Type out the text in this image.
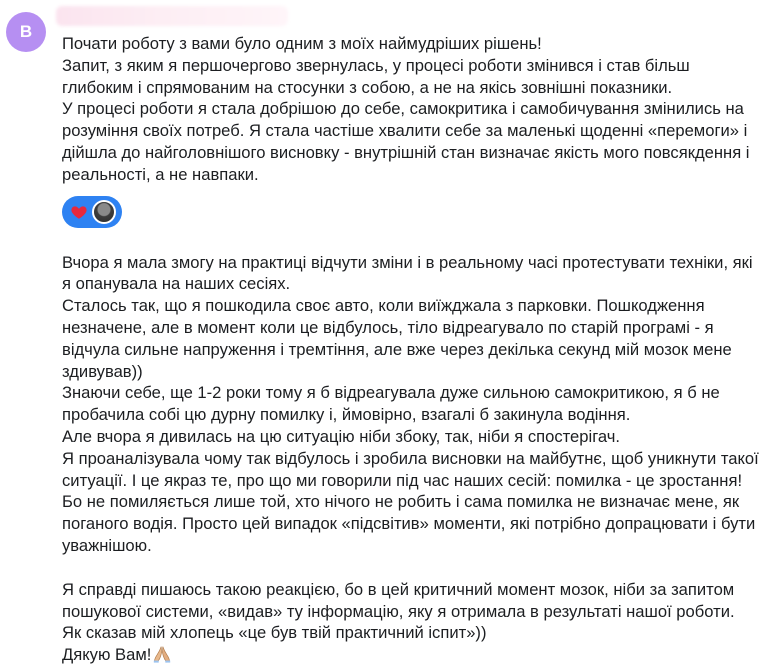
B

Почати роботу з вами було одним з моїх наймудріших рішень!
Запит, з яким я першочергово звернулась, у процесі роботи змінився і став більш глибоким і спрямованим на стосунки з собою, а не на якісь зовнішні показники.
У процесі роботи я стала добрішою до себе, самокритика і самобичування змінились на розуміння своїх потреб. Я стала частіше хвалити себе за маленькі щоденні «перемоги» і дійшла до найголовнішого висновку - внутрішній стан визначає якість мого повсякдення і реальності, а не навпаки.

Вчора я мала змогу на практиці відчути зміни і в реальному часі протестувати техніки, які я опанувала на наших сесіях.
Сталось так, що я пошкодила своє авто, коли виїжджала з парковки. Пошкодження незначене, але в момент коли це відбулось, тіло відреагувало по старій програмі - я відчула сильне напруження і тремтіння, але вже через декілька секунд мій мозок мене здивував))
Знаючи себе, ще 1-2 роки тому я б відреагувала дуже сильною самокритикою, я б не пробачила собі цю дурну помилку і, ймовірно, взагалі б закинула водіння.
Але вчора я дивилась на цю ситуацію ніби збоку, так, ніби я спостерігач.
Я проаналізувала чому так відбулось і зробила висновки на майбутнє, щоб уникнути такої ситуації. І це якраз те, про що ми говорили під час наших сесій: помилка - це зростання! Бо не помиляється лише той, хто нічого не робить і сама помилка не визначає мене, як поганого водія. Просто цей випадок «підсвітив» моменти, які потрібно допрацювати і бути уважнішою.

Я справді пишаюсь такою реакцією, бо в цей критичний момент мозок, ніби за запитом пошукової системи, «видав» ту інформацію, яку я отримала в результаті нашої роботи.
Як сказав мій хлопець «це був твій практичний іспит»))
Дякую Вам!
